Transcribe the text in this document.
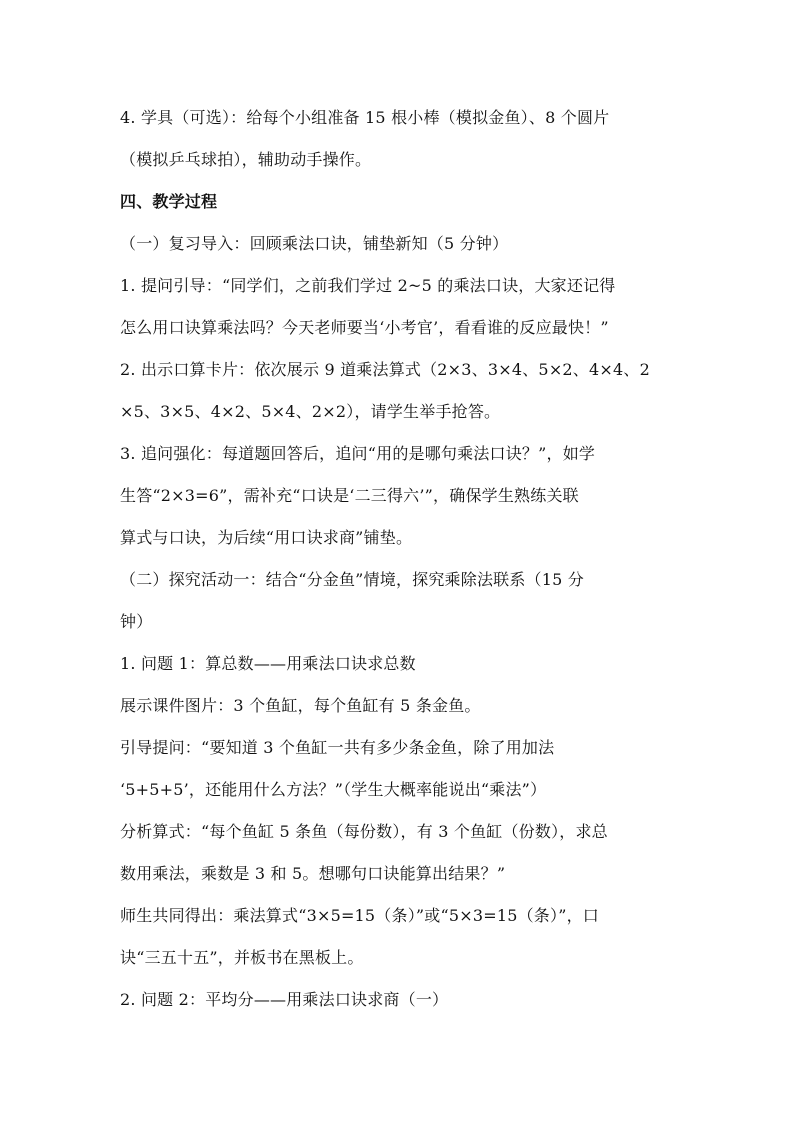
4. 学具（可选）：给每个小组准备 15 根小棒（模拟金鱼）、8 个圆片
（模拟乒乓球拍），辅助动手操作。
四、教学过程
（一）复习导入：回顾乘法口诀，铺垫新知（5 分钟）
1. 提问引导：“同学们，之前我们学过 2~5 的乘法口诀，大家还记得
怎么用口诀算乘法吗？今天老师要当‘小考官’，看看谁的反应最快！”
2. 出示口算卡片：依次展示 9 道乘法算式（2×3、3×4、5×2、4×4、2
×5、3×5、4×2、5×4、2×2），请学生举手抢答。
3. 追问强化：每道题回答后，追问“用的是哪句乘法口诀？”，如学
生答“2×3=6”，需补充“口诀是‘二三得六’”，确保学生熟练关联
算式与口诀，为后续“用口诀求商”铺垫。
（二）探究活动一：结合“分金鱼”情境，探究乘除法联系（15 分
钟）
1. 问题 1：算总数——用乘法口诀求总数
展示课件图片：3 个鱼缸，每个鱼缸有 5 条金鱼。
引导提问：“要知道 3 个鱼缸一共有多少条金鱼，除了用加法
‘5+5+5’，还能用什么方法？”（学生大概率能说出“乘法”）
分析算式：“每个鱼缸 5 条鱼（每份数），有 3 个鱼缸（份数），求总
数用乘法，乘数是 3 和 5。想哪句口诀能算出结果？”
师生共同得出：乘法算式“3×5=15（条）”或“5×3=15（条）”，口
诀“三五十五”，并板书在黑板上。
2. 问题 2：平均分——用乘法口诀求商（一）
